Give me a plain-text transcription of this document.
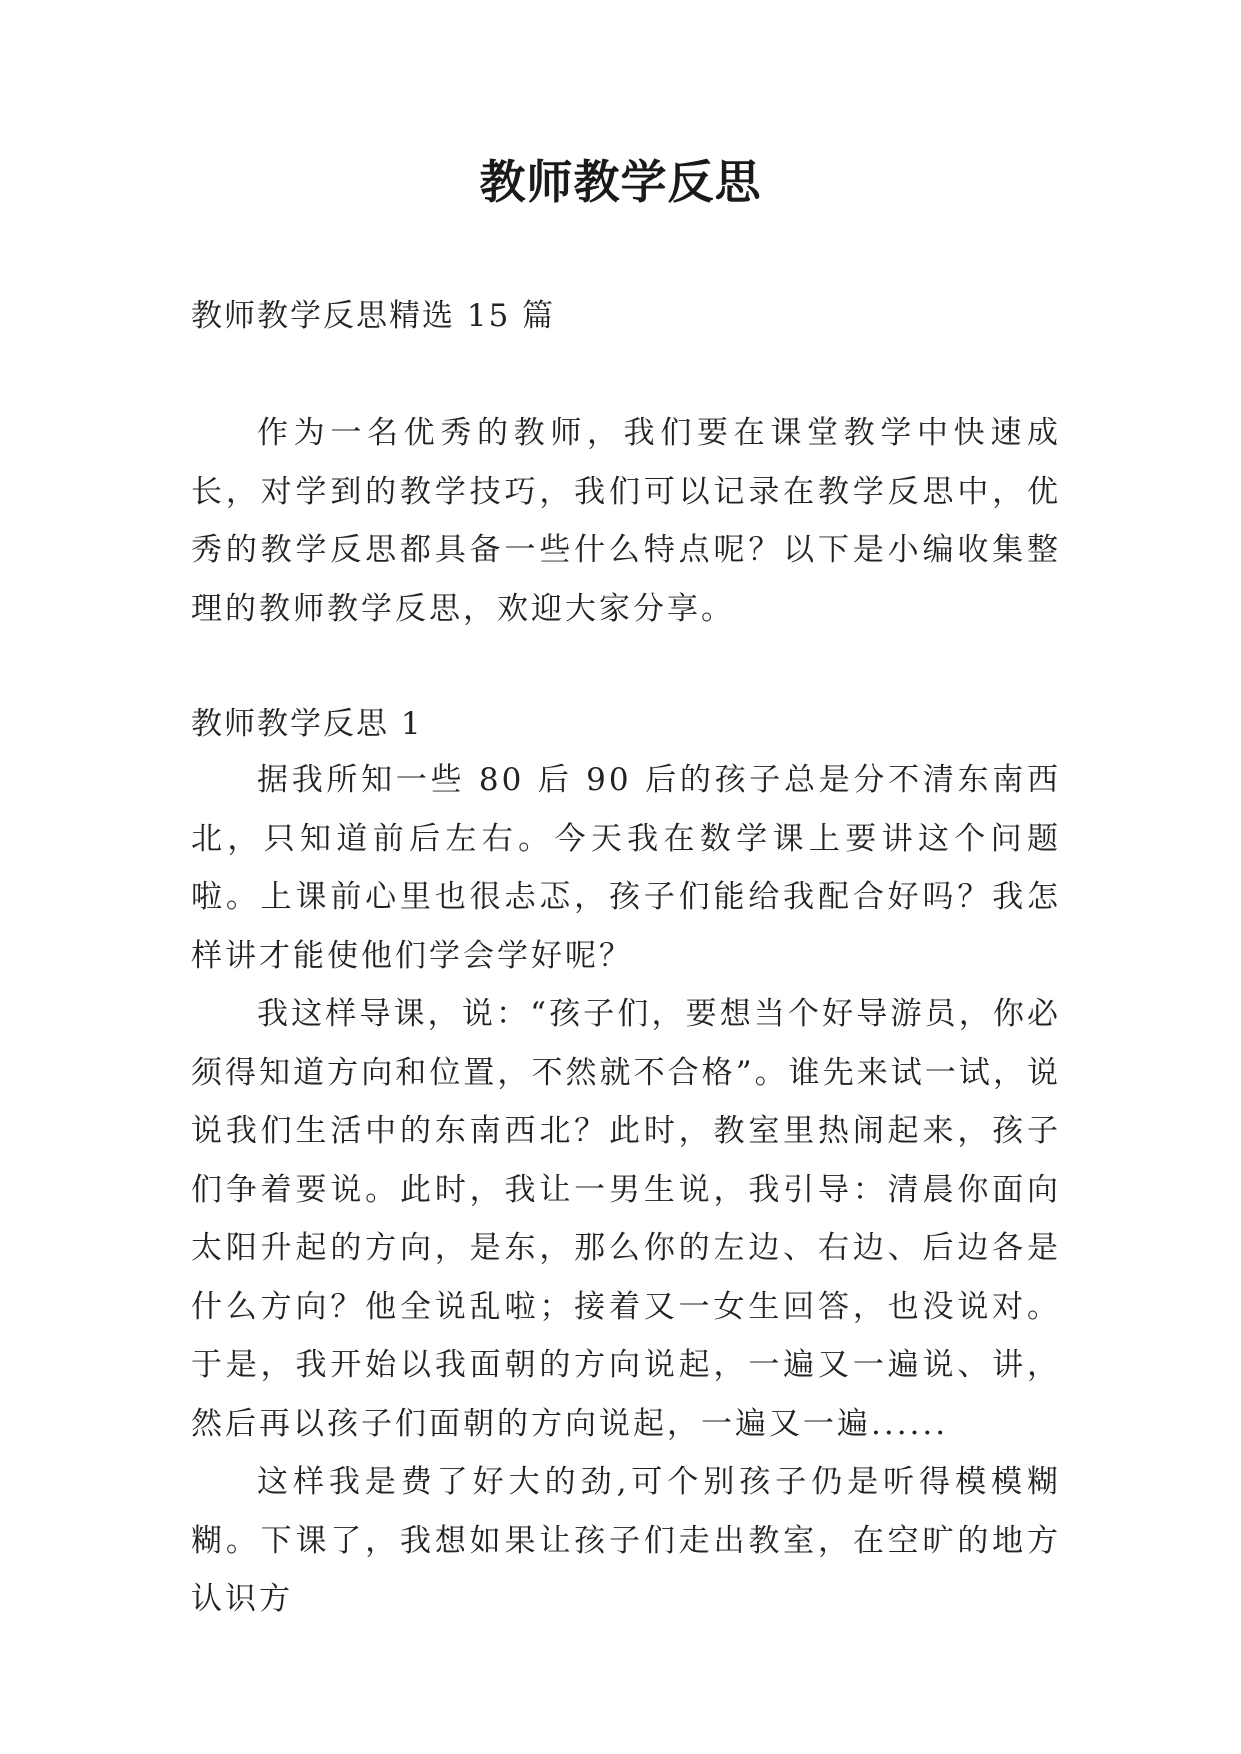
教师教学反思
教师教学反思精选 15 篇

作为一名优秀的教师，我们要在课堂教学中快速成长，对学到的教学技巧，我们可以记录在教学反思中，优秀的教学反思都具备一些什么特点呢？以下是小编收集整理的教师教学反思，欢迎大家分享。

教师教学反思 1

据我所知一些 80 后 90 后的孩子总是分不清东南西北，只知道前后左右。今天我在数学课上要讲这个问题啦。上课前心里也很忐忑，孩子们能给我配合好吗？我怎样讲才能使他们学会学好呢？

我这样导课，说：“孩子们，要想当个好导游员，你必须得知道方向和位置，不然就不合格”。谁先来试一试，说说我们生活中的东南西北？此时，教室里热闹起来，孩子们争着要说。此时，我让一男生说，我引导：清晨你面向太阳升起的方向，是东，那么你的左边、右边、后边各是什么方向？他全说乱啦；接着又一女生回答，也没说对。于是，我开始以我面朝的方向说起，一遍又一遍说、讲，然后再以孩子们面朝的方向说起，一遍又一遍......

这样我是费了好大的劲,可个别孩子仍是听得模模糊糊。下课了，我想如果让孩子们走出教室，在空旷的地方认识方
